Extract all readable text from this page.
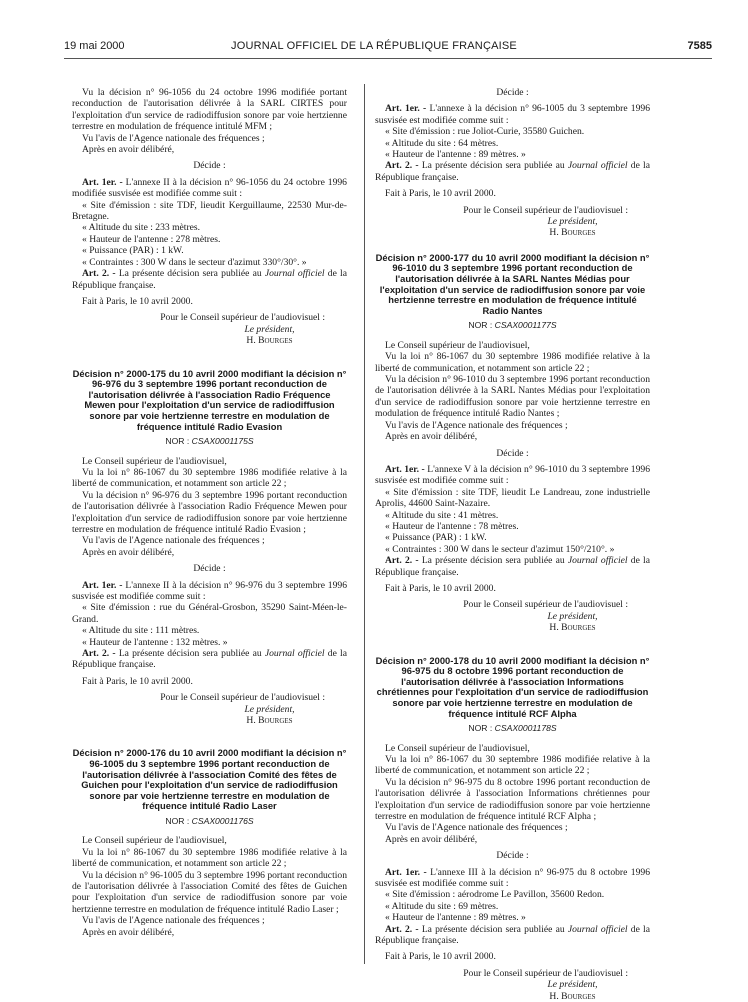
19 mai 2000	JOURNAL OFFICIEL DE LA RÉPUBLIQUE FRANÇAISE	7585

Vu la décision n° 96-1056 du 24 octobre 1996 modifiée portant reconduction de l'autorisation délivrée à la SARL CIRTES pour l'exploitation d'un service de radiodiffusion sonore par voie hertzienne terrestre en modulation de fréquence intitulé MFM ;

Vu l'avis de l'Agence nationale des fréquences ;

Après en avoir délibéré,

Décide :

Art. 1er. - L'annexe II à la décision n° 96-1056 du 24 octobre 1996 modifiée susvisée est modifiée comme suit :

« Site d'émission : site TDF, lieudit Kerguillaume, 22530 Mur-de-Bretagne.

« Altitude du site : 233 mètres.

« Hauteur de l'antenne : 278 mètres.

« Puissance (PAR) : 1 kW.

« Contraintes : 300 W dans le secteur d'azimut 330°/30°. »

Art. 2. - La présente décision sera publiée au Journal officiel de la République française.

Fait à Paris, le 10 avril 2000.

Pour le Conseil supérieur de l'audiovisuel :

Le président,

H. Bourges

Décision n° 2000-175 du 10 avril 2000 modifiant la décision n° 96-976 du 3 septembre 1996 portant reconduction de l'autorisation délivrée à l'association Radio Fréquence Mewen pour l'exploitation d'un service de radiodiffusion sonore par voie hertzienne terrestre en modulation de fréquence intitulé Radio Evasion

NOR : CSAX0001175S

Le Conseil supérieur de l'audiovisuel,

Vu la loi n° 86-1067 du 30 septembre 1986 modifiée relative à la liberté de communication, et notamment son article 22 ;

Vu la décision n° 96-976 du 3 septembre 1996 portant reconduction de l'autorisation délivrée à l'association Radio Fréquence Mewen pour l'exploitation d'un service de radiodiffusion sonore par voie hertzienne terrestre en modulation de fréquence intitulé Radio Evasion ;

Vu l'avis de l'Agence nationale des fréquences ;

Après en avoir délibéré,

Décide :

Art. 1er. - L'annexe II à la décision n° 96-976 du 3 septembre 1996 susvisée est modifiée comme suit :

« Site d'émission : rue du Général-Grosbon, 35290 Saint-Méen-le-Grand.

« Altitude du site : 111 mètres.

« Hauteur de l'antenne : 132 mètres. »

Art. 2. - La présente décision sera publiée au Journal officiel de la République française.

Fait à Paris, le 10 avril 2000.

Pour le Conseil supérieur de l'audiovisuel :

Le président,

H. Bourges

Décision n° 2000-176 du 10 avril 2000 modifiant la décision n° 96-1005 du 3 septembre 1996 portant reconduction de l'autorisation délivrée à l'association Comité des fêtes de Guichen pour l'exploitation d'un service de radiodiffusion sonore par voie hertzienne terrestre en modulation de fréquence intitulé Radio Laser

NOR : CSAX0001176S

Le Conseil supérieur de l'audiovisuel,

Vu la loi n° 86-1067 du 30 septembre 1986 modifiée relative à la liberté de communication, et notamment son article 22 ;

Vu la décision n° 96-1005 du 3 septembre 1996 portant reconduction de l'autorisation délivrée à l'association Comité des fêtes de Guichen pour l'exploitation d'un service de radiodiffusion sonore par voie hertzienne terrestre en modulation de fréquence intitulé Radio Laser ;

Vu l'avis de l'Agence nationale des fréquences ;

Après en avoir délibéré,

Décide :

Art. 1er. - L'annexe à la décision n° 96-1005 du 3 septembre 1996 susvisée est modifiée comme suit :

« Site d'émission : rue Joliot-Curie, 35580 Guichen.

« Altitude du site : 64 mètres.

« Hauteur de l'antenne : 89 mètres. »

Art. 2. - La présente décision sera publiée au Journal officiel de la République française.

Fait à Paris, le 10 avril 2000.

Pour le Conseil supérieur de l'audiovisuel :

Le président,

H. Bourges

Décision n° 2000-177 du 10 avril 2000 modifiant la décision n° 96-1010 du 3 septembre 1996 portant reconduction de l'autorisation délivrée à la SARL Nantes Médias pour l'exploitation d'un service de radiodiffusion sonore par voie hertzienne terrestre en modulation de fréquence intitulé Radio Nantes

NOR : CSAX0001177S

Le Conseil supérieur de l'audiovisuel,

Vu la loi n° 86-1067 du 30 septembre 1986 modifiée relative à la liberté de communication, et notamment son article 22 ;

Vu la décision n° 96-1010 du 3 septembre 1996 portant reconduction de l'autorisation délivrée à la SARL Nantes Médias pour l'exploitation d'un service de radiodiffusion sonore par voie hertzienne terrestre en modulation de fréquence intitulé Radio Nantes ;

Vu l'avis de l'Agence nationale des fréquences ;

Après en avoir délibéré,

Décide :

Art. 1er. - L'annexe V à la décision n° 96-1010 du 3 septembre 1996 susvisée est modifiée comme suit :

« Site d'émission : site TDF, lieudit Le Landreau, zone industrielle Aprolis, 44600 Saint-Nazaire.

« Altitude du site : 41 mètres.

« Hauteur de l'antenne : 78 mètres.

« Puissance (PAR) : 1 kW.

« Contraintes : 300 W dans le secteur d'azimut 150°/210°. »

Art. 2. - La présente décision sera publiée au Journal officiel de la République française.

Fait à Paris, le 10 avril 2000.

Pour le Conseil supérieur de l'audiovisuel :

Le président,

H. Bourges

Décision n° 2000-178 du 10 avril 2000 modifiant la décision n° 96-975 du 8 octobre 1996 portant reconduction de l'autorisation délivrée à l'association Informations chrétiennes pour l'exploitation d'un service de radiodiffusion sonore par voie hertzienne terrestre en modulation de fréquence intitulé RCF Alpha

NOR : CSAX0001178S

Le Conseil supérieur de l'audiovisuel,

Vu la loi n° 86-1067 du 30 septembre 1986 modifiée relative à la liberté de communication, et notamment son article 22 ;

Vu la décision n° 96-975 du 8 octobre 1996 portant reconduction de l'autorisation délivrée à l'association Informations chrétiennes pour l'exploitation d'un service de radiodiffusion sonore par voie hertzienne terrestre en modulation de fréquence intitulé RCF Alpha ;

Vu l'avis de l'Agence nationale des fréquences ;

Après en avoir délibéré,

Décide :

Art. 1er. - L'annexe III à la décision n° 96-975 du 8 octobre 1996 susvisée est modifiée comme suit :

« Site d'émission : aérodrome Le Pavillon, 35600 Redon.

« Altitude du site : 69 mètres.

« Hauteur de l'antenne : 89 mètres. »

Art. 2. - La présente décision sera publiée au Journal officiel de la République française.

Fait à Paris, le 10 avril 2000.

Pour le Conseil supérieur de l'audiovisuel :

Le président,

H. Bourges
